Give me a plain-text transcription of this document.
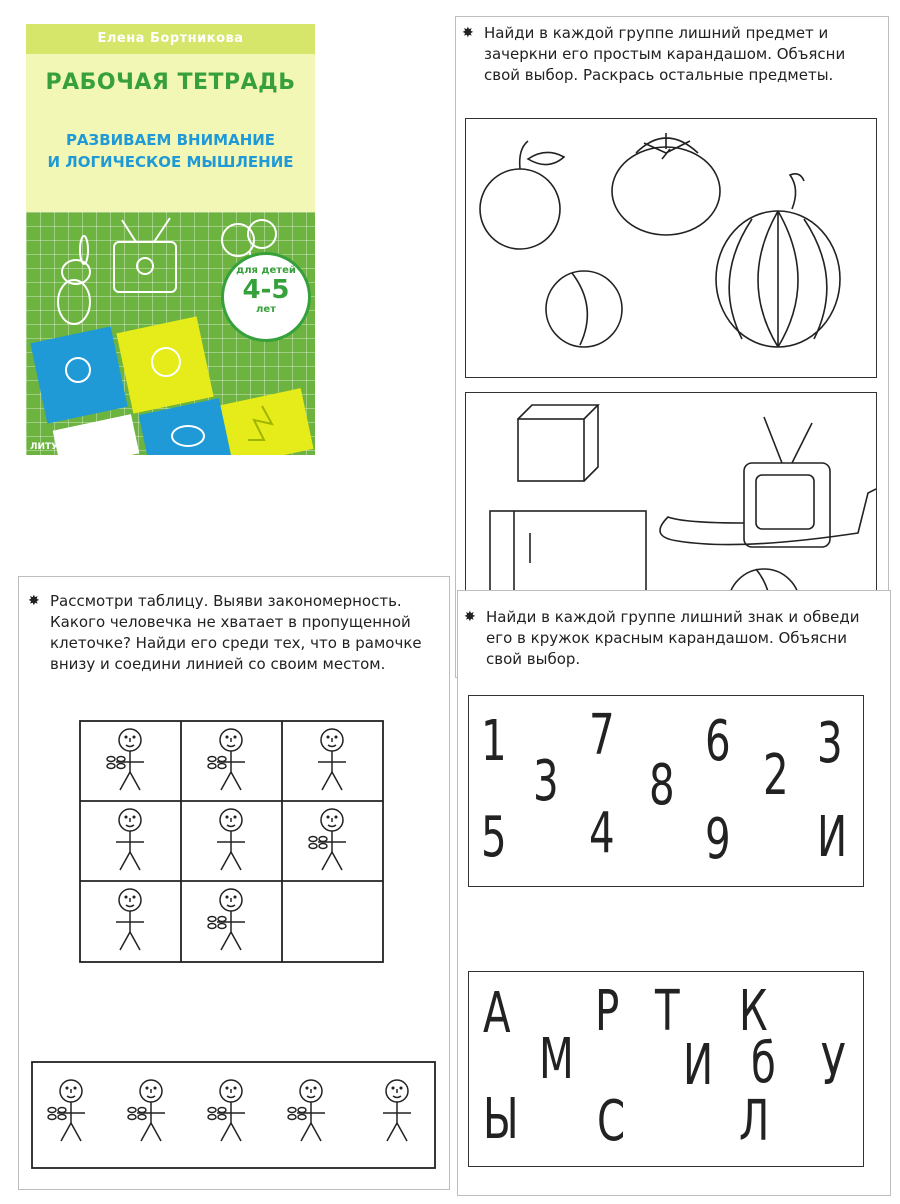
Елена Бортникова
РАБОЧАЯ ТЕТРАДЬ
РАЗВИВАЕМ ВНИМАНИЕ
И ЛОГИЧЕСКОЕ МЫШЛЕНИЕ
для детей
4-5
лет
ЛИТУР
✸ Найди в каждой группе лишний предмет и зачеркни его простым карандашом. Объясни свой выбор. Раскрась остальные предметы.
✸ Рассмотри таблицу. Выяви закономерность. Какого человечка не хватает в пропущенной клеточке? Найди его среди тех, что в рамочке внизу и соедини линией со своим местом.
✸ Найди в каждой группе лишний знак и обведи его в кружок красным карандашом. Объясни свой выбор.
1 7 6 3
3 8 2
5 4 9 И
А Р Т К
М И б У
Ы С Л
